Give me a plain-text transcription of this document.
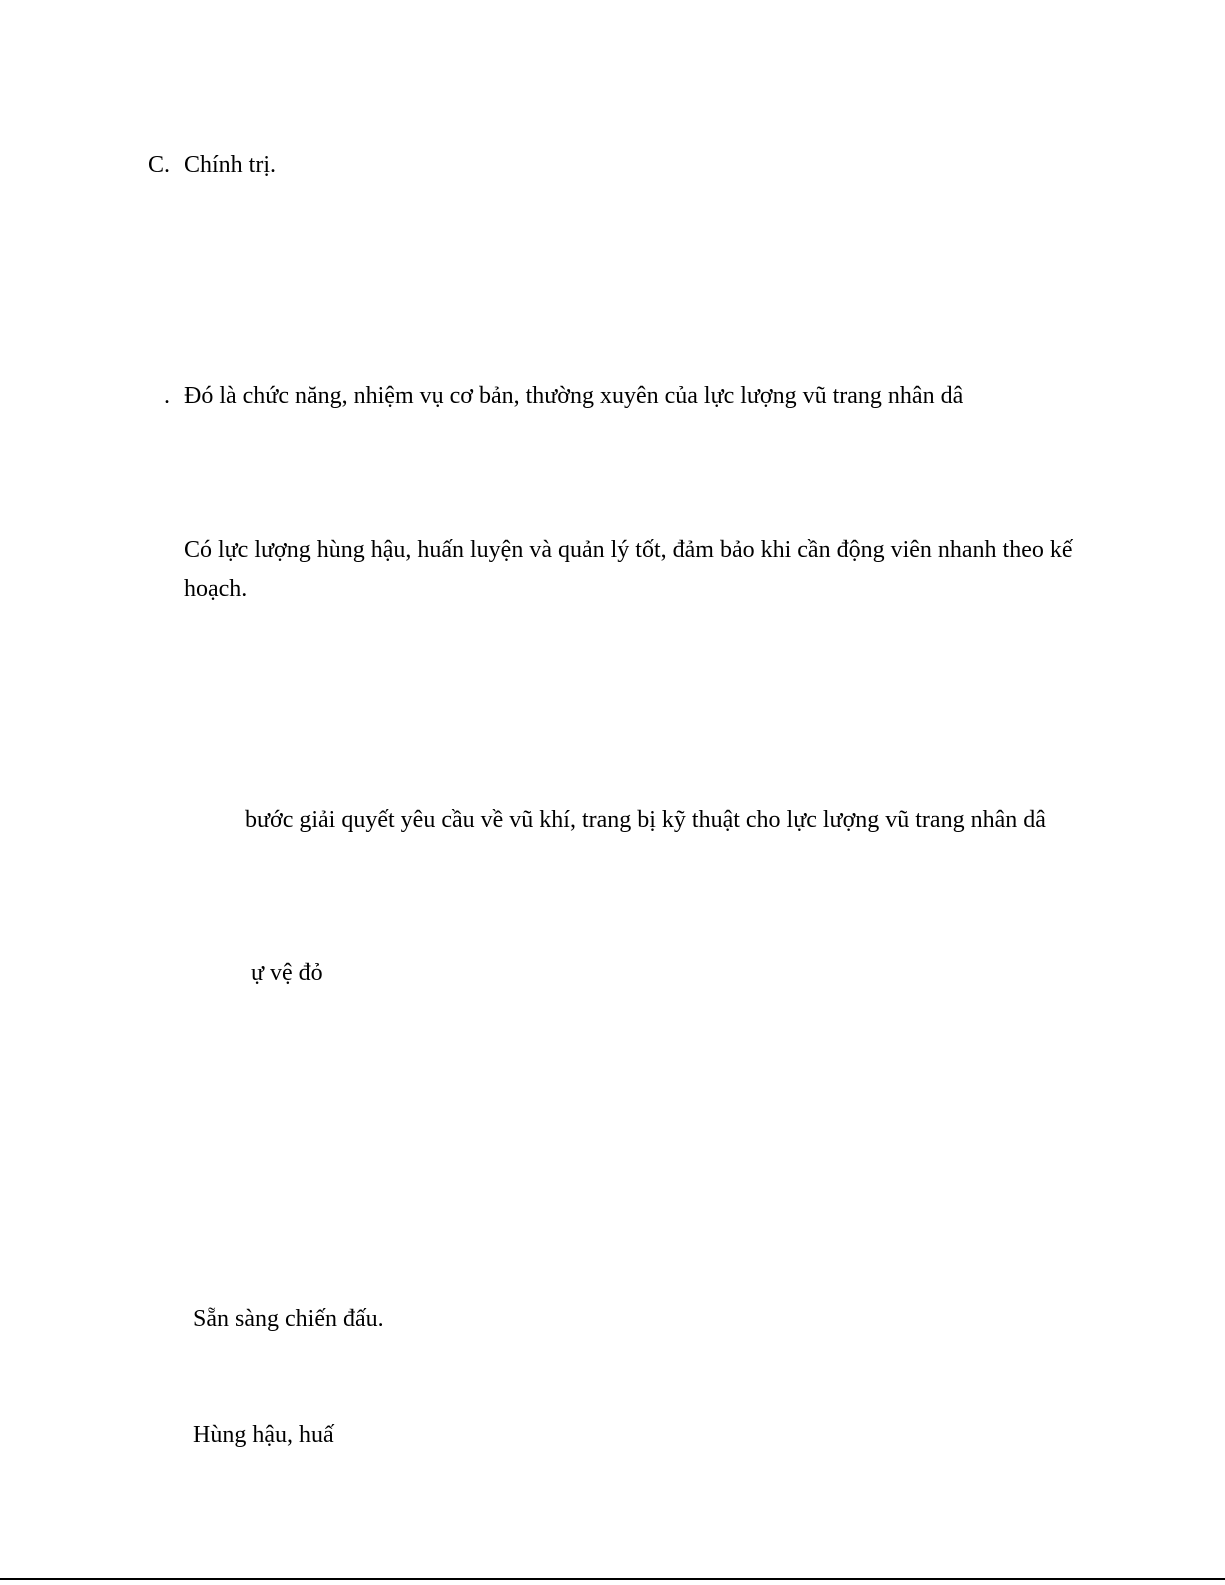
C. Chính trị.
. Đó là chức năng, nhiệm vụ cơ bản, thường xuyên của lực lượng vũ trang nhân dâ
Có lực lượng hùng hậu, huấn luyện và quản lý tốt, đảm bảo khi cần động viên nhanh theo kế
hoạch.
bước giải quyết yêu cầu về vũ khí, trang bị kỹ thuật cho lực lượng vũ trang nhân dâ
ự vệ đỏ
Sẵn sàng chiến đấu.
Hùng hậu, huấ
